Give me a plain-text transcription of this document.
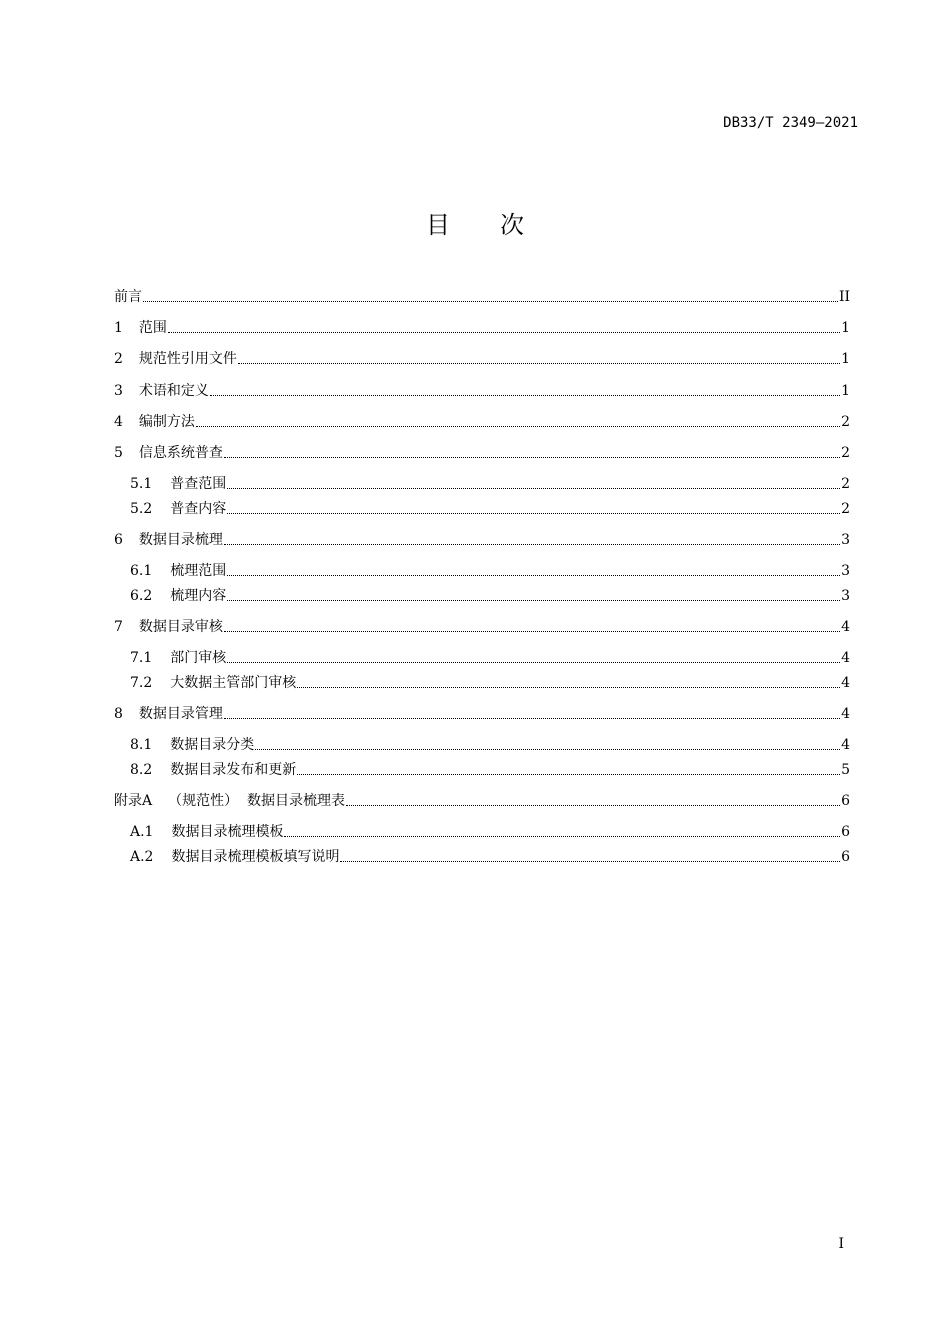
DB33/T 2349—2021
目次
前言	II
1 范围	1
2 规范性引用文件	1
3 术语和定义	1
4 编制方法	2
5 信息系统普查	2
5.1 普查范围	2
5.2 普查内容	2
6 数据目录梳理	3
6.1 梳理范围	3
6.2 梳理内容	3
7 数据目录审核	4
7.1 部门审核	4
7.2 大数据主管部门审核	4
8 数据目录管理	4
8.1 数据目录分类	4
8.2 数据目录发布和更新	5
附录A （规范性）  数据目录梳理表	6
A.1 数据目录梳理模板	6
A.2 数据目录梳理模板填写说明	6
I
